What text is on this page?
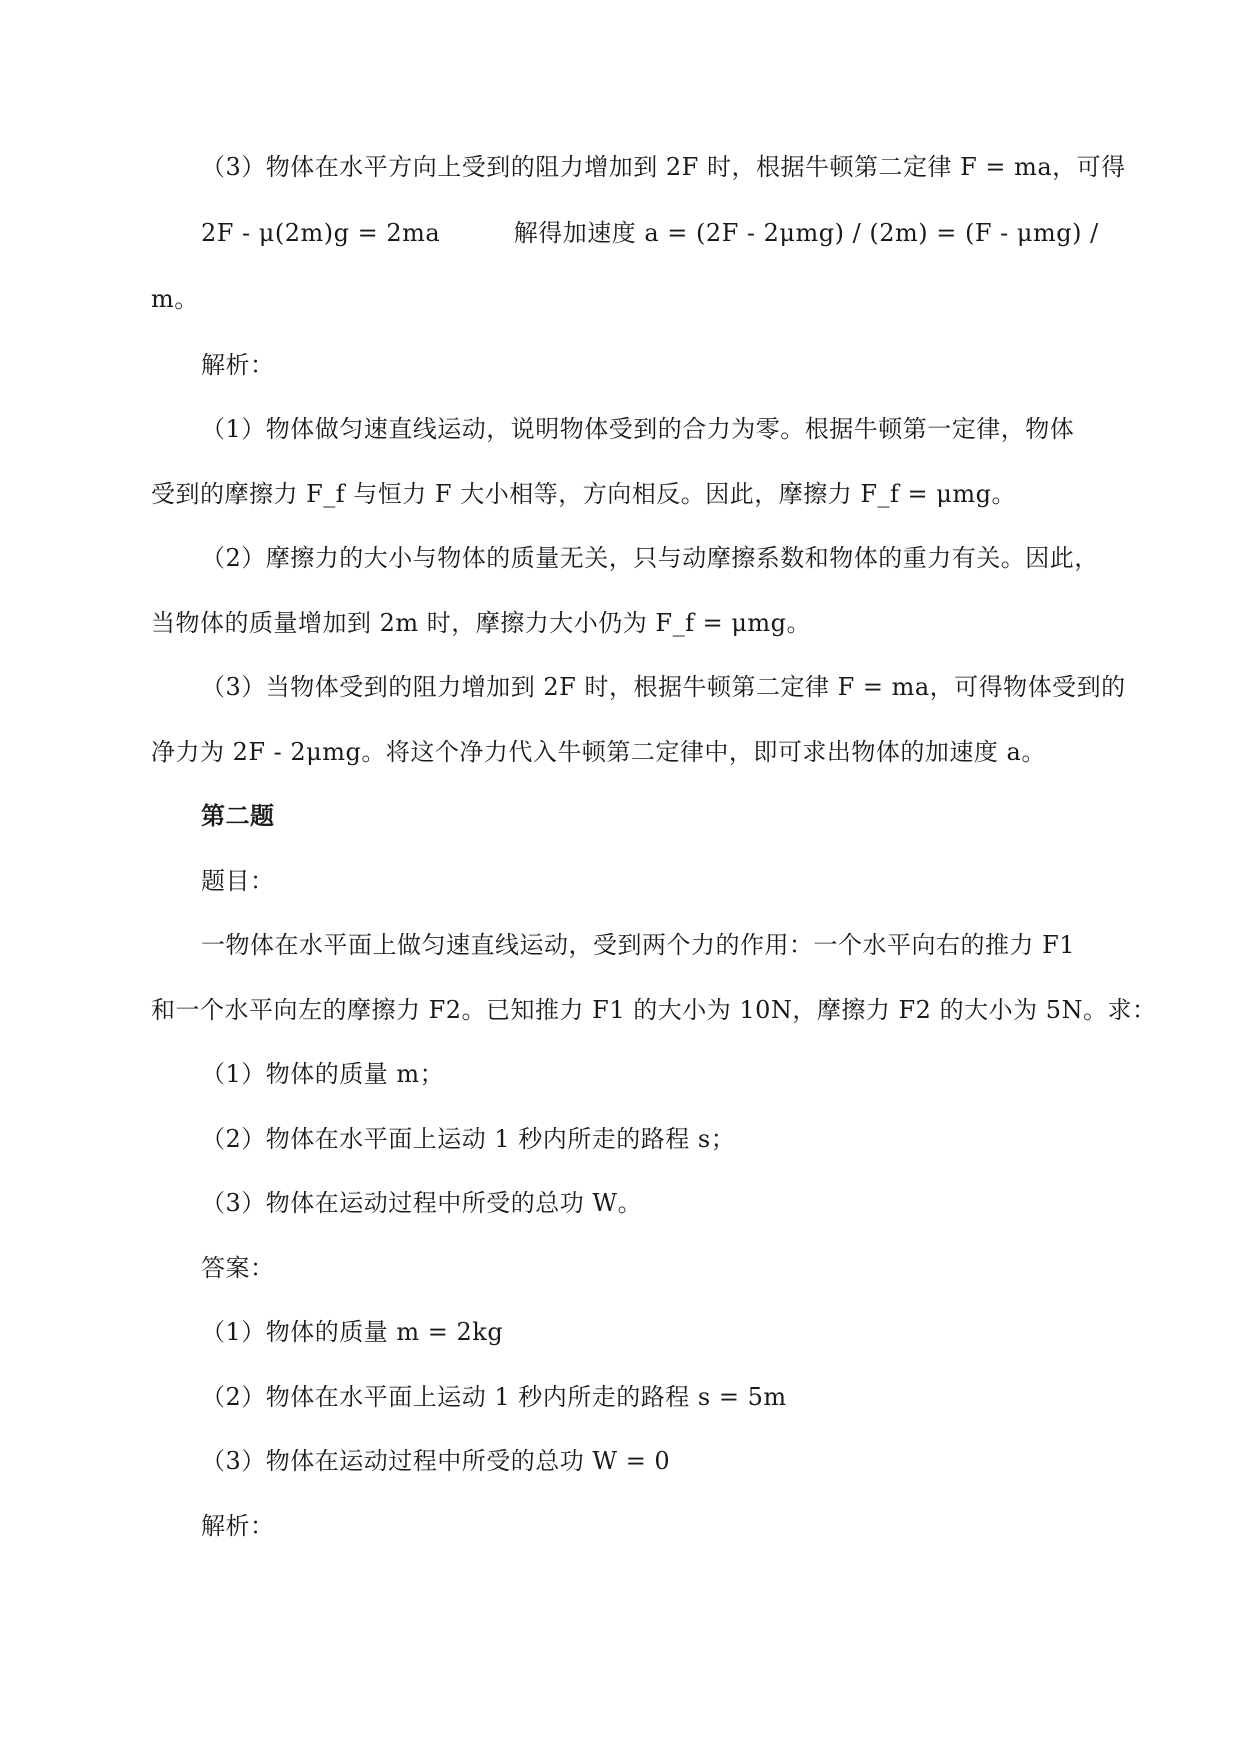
（3）物体在水平方向上受到的阻力增加到 2F 时，根据牛顿第二定律 F = ma，可得
2F - μ(2m)g = 2ma　　　解得加速度 a = (2F - 2μmg) / (2m) = (F - μmg) /
m。
解析：
（1）物体做匀速直线运动，说明物体受到的合力为零。根据牛顿第一定律，物体
受到的摩擦力 F_f 与恒力 F 大小相等，方向相反。因此，摩擦力 F_f = μmg。
（2）摩擦力的大小与物体的质量无关，只与动摩擦系数和物体的重力有关。因此，
当物体的质量增加到 2m 时，摩擦力大小仍为 F_f = μmg。
（3）当物体受到的阻力增加到 2F 时，根据牛顿第二定律 F = ma，可得物体受到的
净力为 2F - 2μmg。将这个净力代入牛顿第二定律中，即可求出物体的加速度 a。
第二题
题目：
一物体在水平面上做匀速直线运动，受到两个力的作用：一个水平向右的推力 F1
和一个水平向左的摩擦力 F2。已知推力 F1 的大小为 10N，摩擦力 F2 的大小为 5N。求：
（1）物体的质量 m；
（2）物体在水平面上运动 1 秒内所走的路程 s；
（3）物体在运动过程中所受的总功 W。
答案：
（1）物体的质量 m = 2kg
（2）物体在水平面上运动 1 秒内所走的路程 s = 5m
（3）物体在运动过程中所受的总功 W = 0
解析：
